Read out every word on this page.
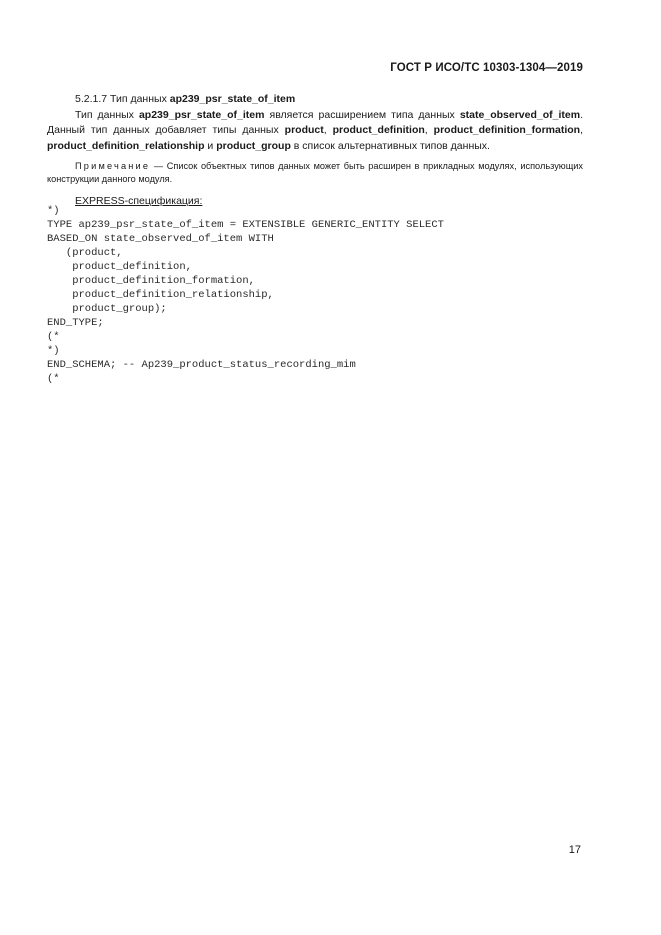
ГОСТ Р ИСО/ТС 10303-1304—2019

5.2.1.7 Тип данных ap239_psr_state_of_item

Тип данных ap239_psr_state_of_item является расширением типа данных state_observed_of_item. Данный тип данных добавляет типы данных product, product_definition, product_definition_formation, product_definition_relationship и product_group в список альтернативных типов данных.

Примечание — Список объектных типов данных может быть расширен в прикладных модулях, использующих конструкции данного модуля.

EXPRESS-спецификация:
*)
TYPE ap239_psr_state_of_item = EXTENSIBLE GENERIC_ENTITY SELECT
BASED_ON state_observed_of_item WITH
(product,
product_definition,
product_definition_formation,
product_definition_relationship,
product_group);
END_TYPE;
(*
*)
END_SCHEMA; -- Ap239_product_status_recording_mim
(*
17
